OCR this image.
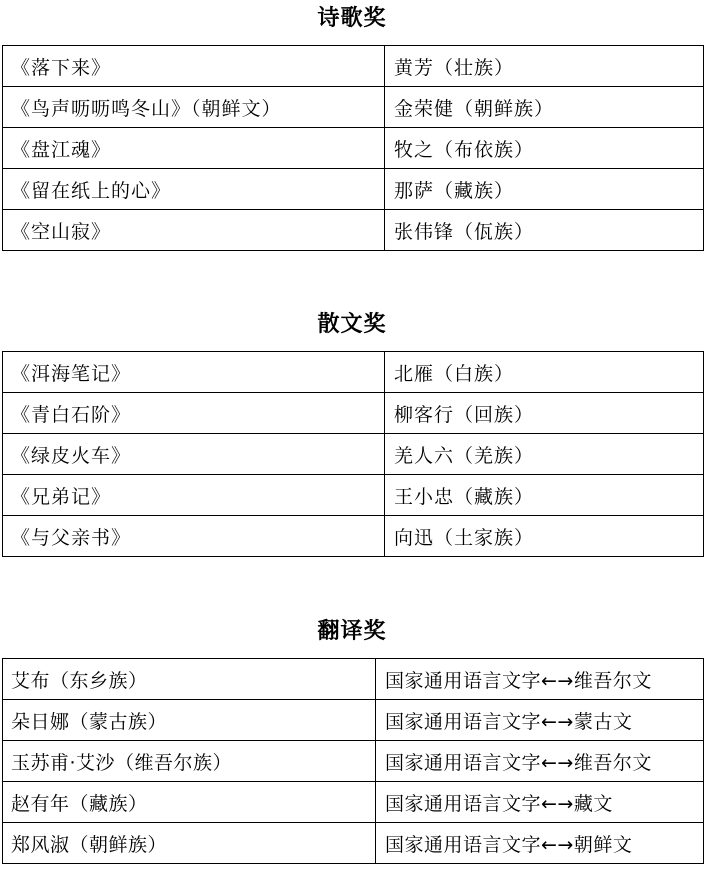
诗歌奖
《落下来》	黄芳（壮族）
《鸟声呖呖鸣冬山》（朝鲜文）	金荣健（朝鲜族）
《盘江魂》	牧之（布依族）
《留在纸上的心》	那萨（藏族）
《空山寂》	张伟锋（佤族）
散文奖
《洱海笔记》	北雁（白族）
《青白石阶》	柳客行（回族）
《绿皮火车》	羌人六（羌族）
《兄弟记》	王小忠（藏族）
《与父亲书》	向迅（土家族）
翻译奖
艾布（东乡族）	国家通用语言文字←→维吾尔文
朵日娜（蒙古族）	国家通用语言文字←→蒙古文
玉苏甫·艾沙（维吾尔族）	国家通用语言文字←→维吾尔文
赵有年（藏族）	国家通用语言文字←→藏文
郑风淑（朝鲜族）	国家通用语言文字←→朝鲜文
